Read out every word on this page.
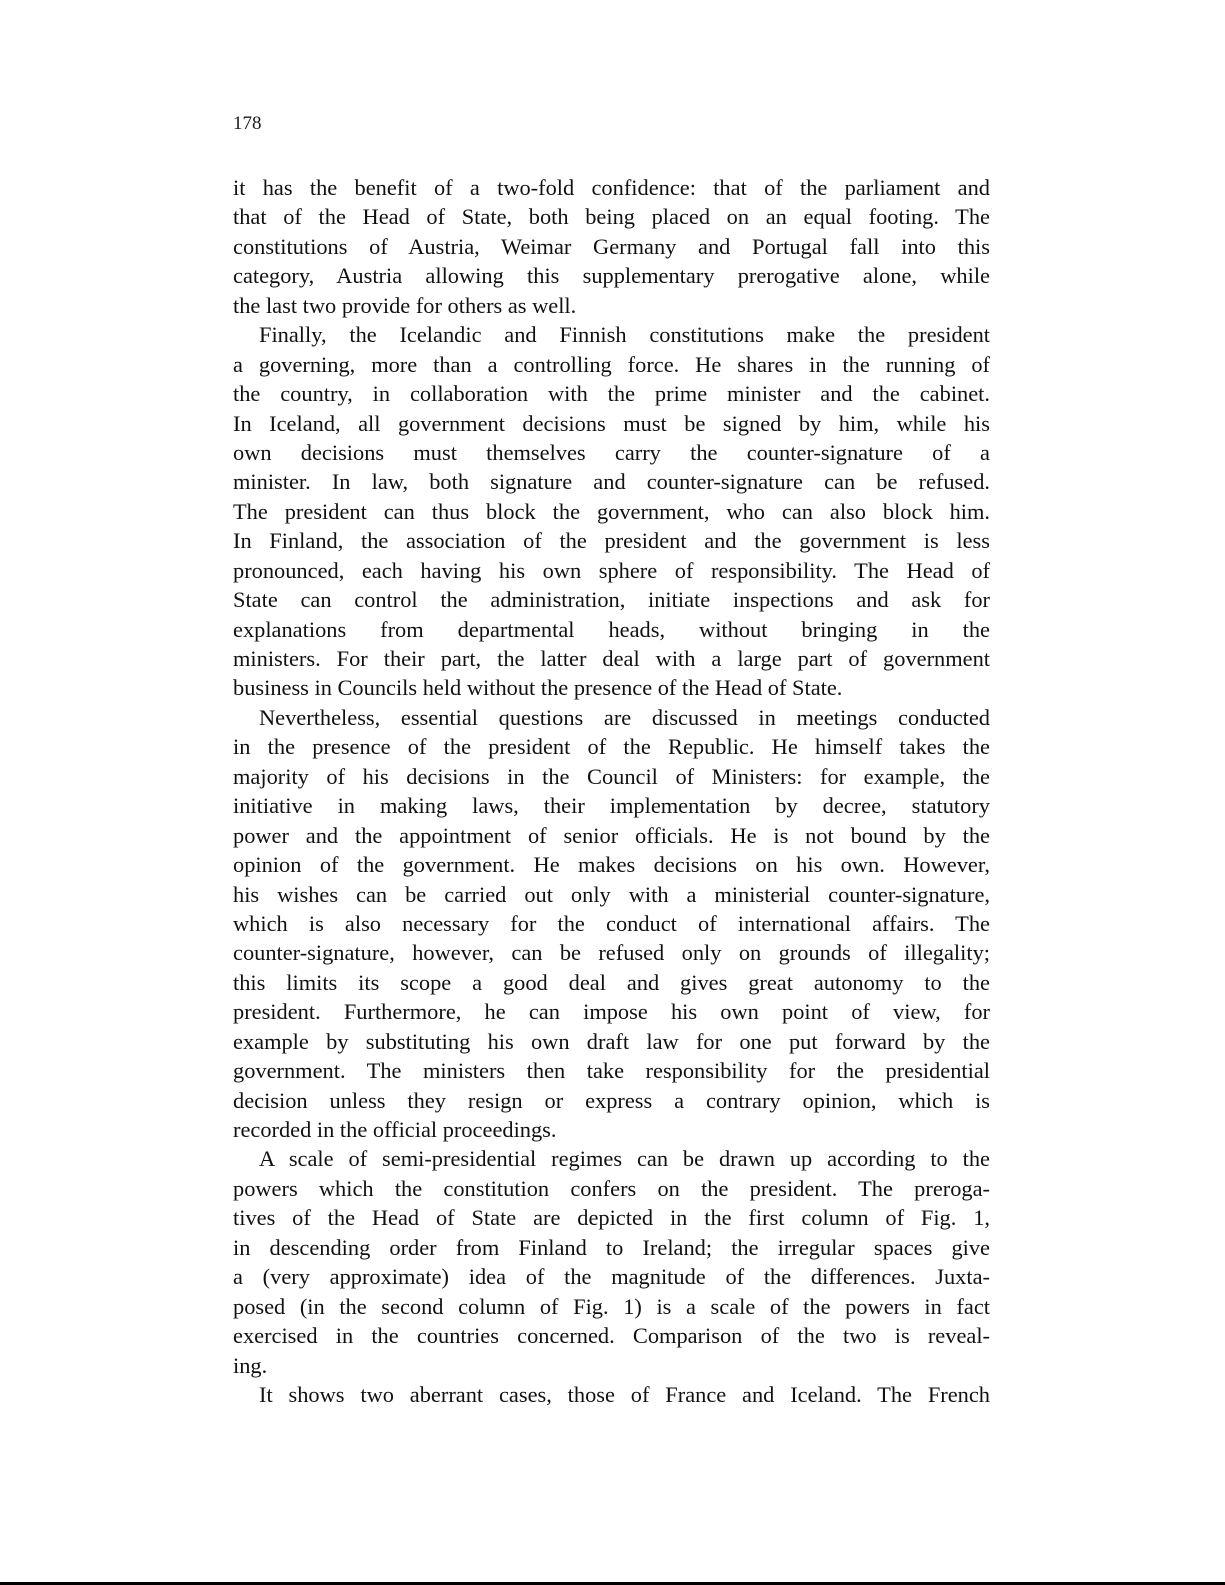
178
it has the benefit of a two-fold confidence: that of the parliament and
that of the Head of State, both being placed on an equal footing. The
constitutions of Austria, Weimar Germany and Portugal fall into this
category, Austria allowing this supplementary prerogative alone, while
the last two provide for others as well.
Finally, the Icelandic and Finnish constitutions make the president
a governing, more than a controlling force. He shares in the running of
the country, in collaboration with the prime minister and the cabinet.
In Iceland, all government decisions must be signed by him, while his
own decisions must themselves carry the counter-signature of a
minister. In law, both signature and counter-signature can be refused.
The president can thus block the government, who can also block him.
In Finland, the association of the president and the government is less
pronounced, each having his own sphere of responsibility. The Head of
State can control the administration, initiate inspections and ask for
explanations from departmental heads, without bringing in the
ministers. For their part, the latter deal with a large part of government
business in Councils held without the presence of the Head of State.
Nevertheless, essential questions are discussed in meetings conducted
in the presence of the president of the Republic. He himself takes the
majority of his decisions in the Council of Ministers: for example, the
initiative in making laws, their implementation by decree, statutory
power and the appointment of senior officials. He is not bound by the
opinion of the government. He makes decisions on his own. However,
his wishes can be carried out only with a ministerial counter-signature,
which is also necessary for the conduct of international affairs. The
counter-signature, however, can be refused only on grounds of illegality;
this limits its scope a good deal and gives great autonomy to the
president. Furthermore, he can impose his own point of view, for
example by substituting his own draft law for one put forward by the
government. The ministers then take responsibility for the presidential
decision unless they resign or express a contrary opinion, which is
recorded in the official proceedings.
A scale of semi-presidential regimes can be drawn up according to the
powers which the constitution confers on the president. The preroga-
tives of the Head of State are depicted in the first column of Fig. 1,
in descending order from Finland to Ireland; the irregular spaces give
a (very approximate) idea of the magnitude of the differences. Juxta-
posed (in the second column of Fig. 1) is a scale of the powers in fact
exercised in the countries concerned. Comparison of the two is reveal-
ing.
It shows two aberrant cases, those of France and Iceland. The French
